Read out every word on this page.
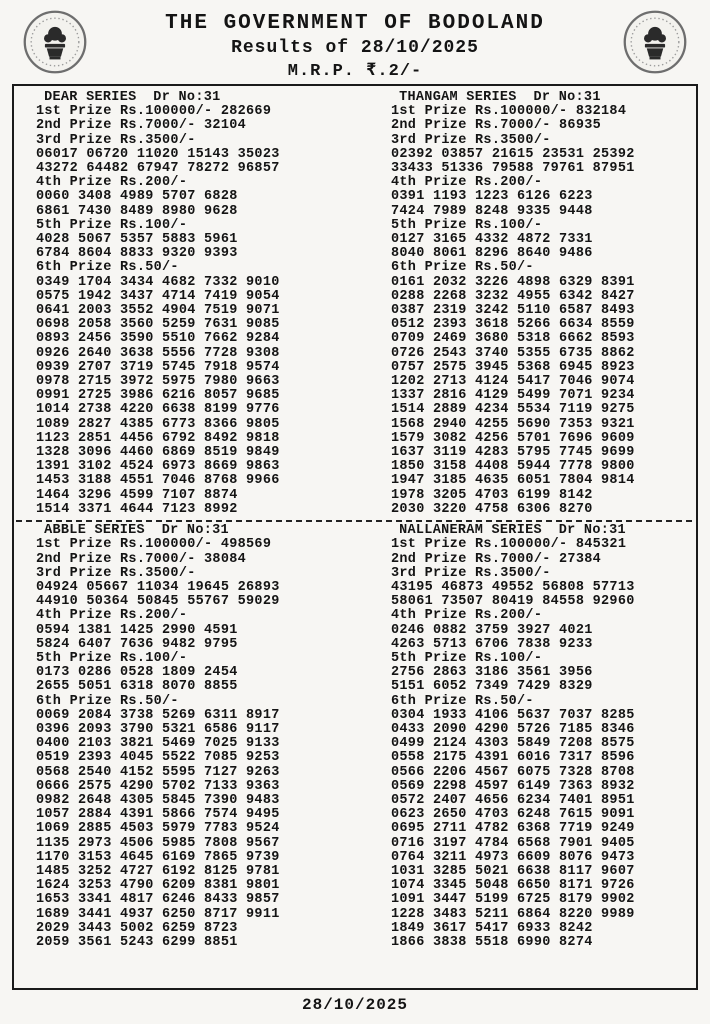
THE GOVERNMENT OF BODOLAND
Results of 28/10/2025
M.R.P. ₹.2/-
DEAR SERIES  Dr No:31
1st Prize Rs.100000/- 282669
2nd Prize Rs.7000/- 32104
3rd Prize Rs.3500/-
06017 06720 11020 15143 35023
43272 64482 67947 78272 96857
4th Prize Rs.200/-
0060 3408 4989 5707 6828
6861 7430 8489 8980 9628
5th Prize Rs.100/-
4028 5067 5357 5883 5961
6784 8604 8833 9320 9393
6th Prize Rs.50/-
0349 1704 3434 4682 7332 9010
0575 1942 3437 4714 7419 9054
0641 2003 3552 4904 7519 9071
0698 2058 3560 5259 7631 9085
0893 2456 3590 5510 7662 9284
0926 2640 3638 5556 7728 9308
0939 2707 3719 5745 7918 9574
0978 2715 3972 5975 7980 9663
0991 2725 3986 6216 8057 9685
1014 2738 4220 6638 8199 9776
1089 2827 4385 6773 8366 9805
1123 2851 4456 6792 8492 9818
1328 3096 4460 6869 8519 9849
1391 3102 4524 6973 8669 9863
1453 3188 4551 7046 8768 9966
1464 3296 4599 7107 8874
1514 3371 4644 7123 8992
THANGAM SERIES  Dr No:31
1st Prize Rs.100000/- 832184
2nd Prize Rs.7000/- 86935
3rd Prize Rs.3500/-
02392 03857 21615 23531 25392
33433 51336 79588 79761 87951
4th Prize Rs.200/-
0391 1193 1223 6126 6223
7424 7989 8248 9335 9448
5th Prize Rs.100/-
0127 3165 4332 4872 7331
8040 8061 8296 8640 9486
6th Prize Rs.50/-
0161 2032 3226 4898 6329 8391
0288 2268 3232 4955 6342 8427
0387 2319 3242 5110 6587 8493
0512 2393 3618 5266 6634 8559
0709 2469 3680 5318 6662 8593
0726 2543 3740 5355 6735 8862
0757 2575 3945 5368 6945 8923
1202 2713 4124 5417 7046 9074
1337 2816 4129 5499 7071 9234
1514 2889 4234 5534 7119 9275
1568 2940 4255 5690 7353 9321
1579 3082 4256 5701 7696 9609
1637 3119 4283 5795 7745 9699
1850 3158 4408 5944 7778 9800
1947 3185 4635 6051 7804 9814
1978 3205 4703 6199 8142
2030 3220 4758 6306 8270
ABBLE SERIES  Dr No:31
1st Prize Rs.100000/- 498569
2nd Prize Rs.7000/- 38084
3rd Prize Rs.3500/-
04924 05667 11034 19645 26893
44910 50364 50845 55767 59029
4th Prize Rs.200/-
0594 1381 1425 2990 4591
5824 6407 7636 9482 9795
5th Prize Rs.100/-
0173 0286 0528 1809 2454
2655 5051 6318 8070 8855
6th Prize Rs.50/-
0069 2084 3738 5269 6311 8917
0396 2093 3790 5321 6586 9117
0400 2103 3821 5469 7025 9133
0519 2393 4045 5522 7085 9253
0568 2540 4152 5595 7127 9263
0666 2575 4290 5702 7133 9363
0982 2648 4305 5845 7390 9483
1057 2884 4391 5866 7574 9495
1069 2885 4503 5979 7783 9524
1135 2973 4506 5985 7808 9567
1170 3153 4645 6169 7865 9739
1485 3252 4727 6192 8125 9781
1624 3253 4790 6209 8381 9801
1653 3341 4817 6246 8433 9857
1689 3441 4937 6250 8717 9911
2029 3443 5002 6259 8723
2059 3561 5243 6299 8851
NALLANERAM SERIES  Dr No:31
1st Prize Rs.100000/- 845321
2nd Prize Rs.7000/- 27384
3rd Prize Rs.3500/-
43195 46873 49552 56808 57713
58061 73507 80419 84558 92960
4th Prize Rs.200/-
0246 0882 3759 3927 4021
4263 5713 6706 7838 9233
5th Prize Rs.100/-
2756 2863 3186 3561 3956
5151 6052 7349 7429 8329
6th Prize Rs.50/-
0304 1933 4106 5637 7037 8285
0433 2090 4290 5726 7185 8346
0499 2124 4303 5849 7208 8575
0558 2175 4391 6016 7317 8596
0566 2206 4567 6075 7328 8708
0569 2298 4597 6149 7363 8932
0572 2407 4656 6234 7401 8951
0623 2650 4703 6248 7615 9091
0695 2711 4782 6368 7719 9249
0716 3197 4784 6568 7901 9405
0764 3211 4973 6609 8076 9473
1031 3285 5021 6638 8117 9607
1074 3345 5048 6650 8171 9726
1091 3447 5199 6725 8179 9902
1228 3483 5211 6864 8220 9989
1849 3617 5417 6933 8242
1866 3838 5518 6990 8274
28/10/2025
